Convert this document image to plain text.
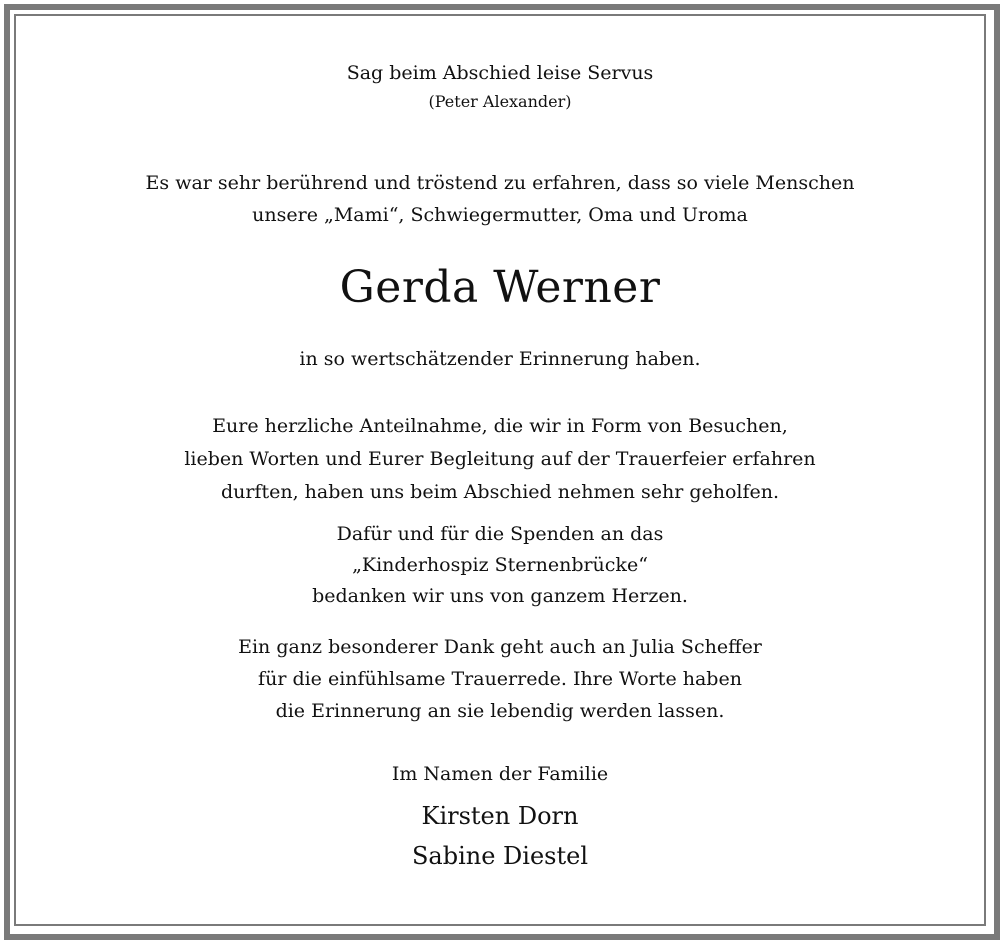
Sag beim Abschied leise Servus
(Peter Alexander)
Es war sehr berührend und tröstend zu erfahren, dass so viele Menschen
unsere „Mami“, Schwiegermutter, Oma und Uroma
Gerda Werner
in so wertschätzender Erinnerung haben.
Eure herzliche Anteilnahme, die wir in Form von Besuchen,
lieben Worten und Eurer Begleitung auf der Trauerfeier erfahren
durften, haben uns beim Abschied nehmen sehr geholfen.
Dafür und für die Spenden an das
„Kinderhospiz Sternenbrücke“
bedanken wir uns von ganzem Herzen.
Ein ganz besonderer Dank geht auch an Julia Scheffer
für die einfühlsame Trauerrede. Ihre Worte haben
die Erinnerung an sie lebendig werden lassen.
Im Namen der Familie
Kirsten Dorn
Sabine Diestel
